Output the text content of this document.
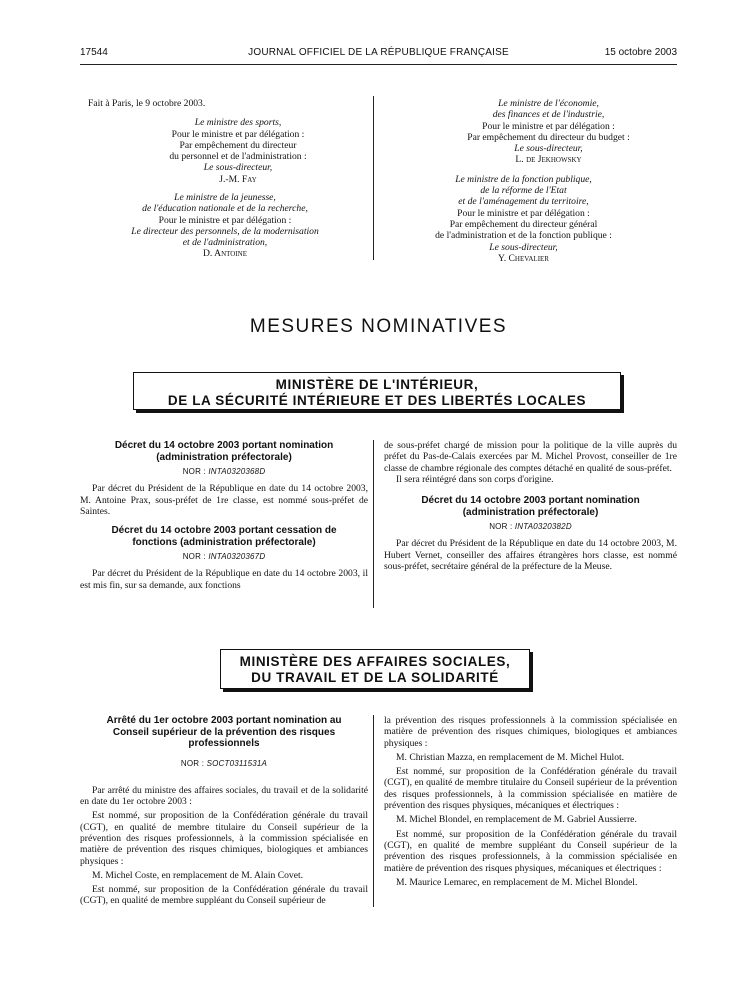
17544	JOURNAL OFFICIEL DE LA RÉPUBLIQUE FRANÇAISE	15 octobre 2003
Fait à Paris, le 9 octobre 2003.
Le ministre des sports,
Pour le ministre et par délégation :
Par empêchement du directeur
du personnel et de l'administration :
Le sous-directeur,
J.-M. Fay
Le ministre de la jeunesse,
de l'éducation nationale et de la recherche,
Pour le ministre et par délégation :
Le directeur des personnels, de la modernisation
et de l'administration,
D. Antoine
Le ministre de l'économie,
des finances et de l'industrie,
Pour le ministre et par délégation :
Par empêchement du directeur du budget :
Le sous-directeur,
L. de Jekhowsky
Le ministre de la fonction publique,
de la réforme de l'Etat
et de l'aménagement du territoire,
Pour le ministre et par délégation :
Par empêchement du directeur général
de l'administration et de la fonction publique :
Le sous-directeur,
Y. Chevalier
MESURES NOMINATIVES
MINISTÈRE DE L'INTÉRIEUR,
DE LA SÉCURITÉ INTÉRIEURE ET DES LIBERTÉS LOCALES
Décret du 14 octobre 2003 portant nomination (administration préfectorale)
NOR : INTA0320368D

Par décret du Président de la République en date du 14 octobre 2003, M. Antoine Prax, sous-préfet de 1re classe, est nommé sous-préfet de Saintes.

Décret du 14 octobre 2003 portant cessation de fonctions (administration préfectorale)
NOR : INTA0320367D

Par décret du Président de la République en date du 14 octobre 2003, il est mis fin, sur sa demande, aux fonctions

de sous-préfet chargé de mission pour la politique de la ville auprès du préfet du Pas-de-Calais exercées par M. Michel Provost, conseiller de 1re classe de chambre régionale des comptes détaché en qualité de sous-préfet.

Il sera réintégré dans son corps d'origine.

Décret du 14 octobre 2003 portant nomination (administration préfectorale)
NOR : INTA0320382D

Par décret du Président de la République en date du 14 octobre 2003, M. Hubert Vernet, conseiller des affaires étrangères hors classe, est nommé sous-préfet, secrétaire général de la préfecture de la Meuse.

MINISTÈRE DES AFFAIRES SOCIALES,
DU TRAVAIL ET DE LA SOLIDARITÉ
Arrêté du 1er octobre 2003 portant nomination au Conseil supérieur de la prévention des risques professionnels
NOR : SOCT0311531A

Par arrêté du ministre des affaires sociales, du travail et de la solidarité en date du 1er octobre 2003 :

Est nommé, sur proposition de la Confédération générale du travail (CGT), en qualité de membre titulaire du Conseil supérieur de la prévention des risques professionnels, à la commission spécialisée en matière de prévention des risques chimiques, biologiques et ambiances physiques :

M. Michel Coste, en remplacement de M. Alain Covet.

Est nommé, sur proposition de la Confédération générale du travail (CGT), en qualité de membre suppléant du Conseil supérieur de

la prévention des risques professionnels à la commission spécialisée en matière de prévention des risques chimiques, biologiques et ambiances physiques :

M. Christian Mazza, en remplacement de M. Michel Hulot.

Est nommé, sur proposition de la Confédération générale du travail (CGT), en qualité de membre titulaire du Conseil supérieur de la prévention des risques professionnels, à la commission spécialisée en matière de prévention des risques physiques, mécaniques et électriques :

M. Michel Blondel, en remplacement de M. Gabriel Aussierre.

Est nommé, sur proposition de la Confédération générale du travail (CGT), en qualité de membre suppléant du Conseil supérieur de la prévention des risques professionnels, à la commission spécialisée en matière de prévention des risques physiques, mécaniques et électriques :

M. Maurice Lemarec, en remplacement de M. Michel Blondel.
